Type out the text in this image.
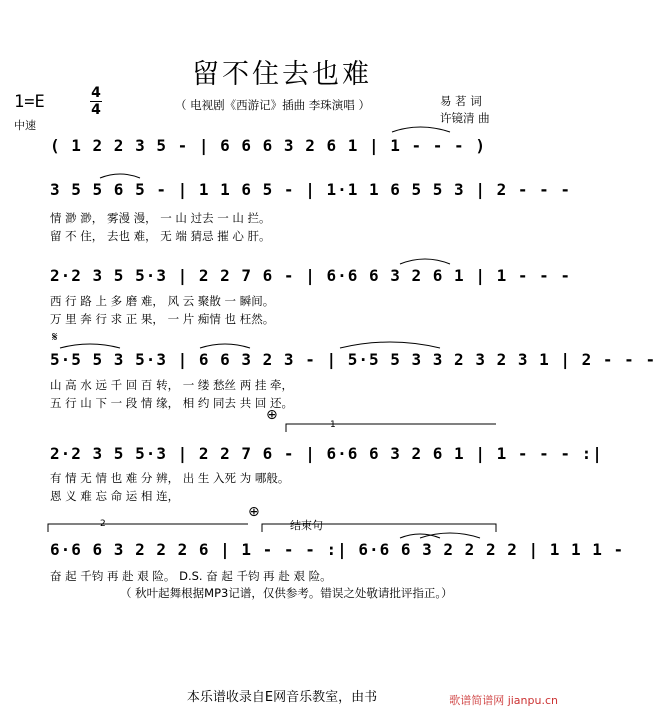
留不住去也难
（ 电视剧《西游记》插曲 李珠演唱 ）	易 茗 词
许镜清 曲
1=E	4
4
中速
( 1 2 2 3 5 - | 6 6 6 3 2 6 1 | 1 - - - )
3 5 5 6 5 - | 1 1 6 5 - | 1·1 1 6 5 5 3 | 2 - - -
情 渺 渺， 雾漫 漫， 一 山 过去 一 山 拦。
留 不 住， 去也 难， 无 端 猜忌 摧 心 肝。
2·2 3 5 5·3 | 2 2 7 6 - | 6·6 6 3 2 6 1 | 1 - - -
西 行 路 上 多 磨 难， 风 云 聚散 一 瞬间。
万 里 奔 行 求 正 果， 一 片 痴情 也 枉然。
𝄋
5·5 5 3 5·3 | 6 6 3 2 3 - | 5·5 5 3 3 2 3 2 3 1 | 2 - - -
山 高 水 远 千 回 百 转， 一 缕 愁丝 两 挂 牵，
五 行 山 下 一 段 情 缘， 相 约 同去 共 回 还。
⊕
1
2·2 3 5 5·3 | 2 2 7 6 - | 6·6 6 3 2 6 1 | 1 - - - :|
有 情 无 情 也 难 分 辨， 出 生 入死 为 哪般。
恩 义 难 忘 命 运 相 连，
2
⊕
结束句
6·6 6 3 2 2 2 6 | 1 - - - :| 6·6 6 3 2 2 2 2 | 1 1 1 -
奋 起 千钧 再 赴 艰 险。 D.S. 奋 起 千钧 再 赴 艰 险。
（ 秋叶起舞根据MP3记谱，仅供参考。错误之处敬请批评指正。）
本乐谱收录自E网音乐教室，由书	歌谱简谱网 jianpu.cn
